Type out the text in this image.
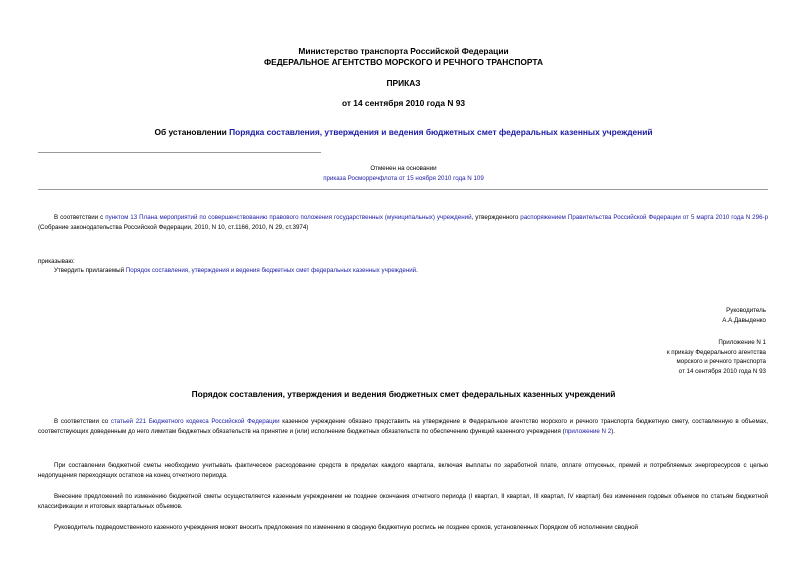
Министерство транспорта Российской Федерации
ФЕДЕРАЛЬНОЕ АГЕНТСТВО МОРСКОГО И РЕЧНОГО ТРАНСПОРТА
ПРИКАЗ
от 14 сентября 2010 года N 93
Об установлении Порядка составления, утверждения и ведения бюджетных смет федеральных казенных учреждений
Отменен на основании
приказа Росморречфлота от 15 ноября 2010 года N 109
В соответствии с пунктом 13 Плана мероприятий по совершенствованию правового положения государственных (муниципальных) учреждений, утвержденного распоряжением Правительства Российской Федерации от 5 марта 2010 года N 296-р (Собрание законодательства Российской Федерации, 2010, N 10, ст.1166, 2010, N 29, ст.3974)
приказываю:
Утвердить прилагаемый Порядок составления, утверждения и ведения бюджетных смет федеральных казенных учреждений.
Руководитель
А.А.Давыденко
Приложение N 1
к приказу Федерального агентства
морского и речного транспорта
от 14 сентября 2010 года N 93
Порядок составления, утверждения и ведения бюджетных смет федеральных казенных учреждений
В соответствии со статьей 221 Бюджетного кодекса Российской Федерации казенное учреждение обязано представить на утверждение в Федеральное агентство морского и речного транспорта бюджетную смету, составленную в объемах, соответствующих доведенным до него лимитам бюджетных обязательств на принятие и (или) исполнение бюджетных обязательств по обеспечению функций казенного учреждения (приложение N 2).
При составлении бюджетной сметы необходимо учитывать фактическое расходование средств в пределах каждого квартала, включая выплаты по заработной плате, оплате отпускных, премий и потребляемых энергоресурсов с целью недопущения переходящих остатков на конец отчетного периода.
Внесение предложений по изменению бюджетной сметы осуществляется казенным учреждением не позднее окончания отчетного периода (I квартал, II квартал, III квартал, IV квартал) без изменения годовых объемов по статьям бюджетной классификации и итоговых квартальных объемов.
Руководитель подведомственного казенного учреждения может вносить предложения по изменению в сводную бюджетную роспись не позднее сроков, установленных Порядком об исполнении сводной
